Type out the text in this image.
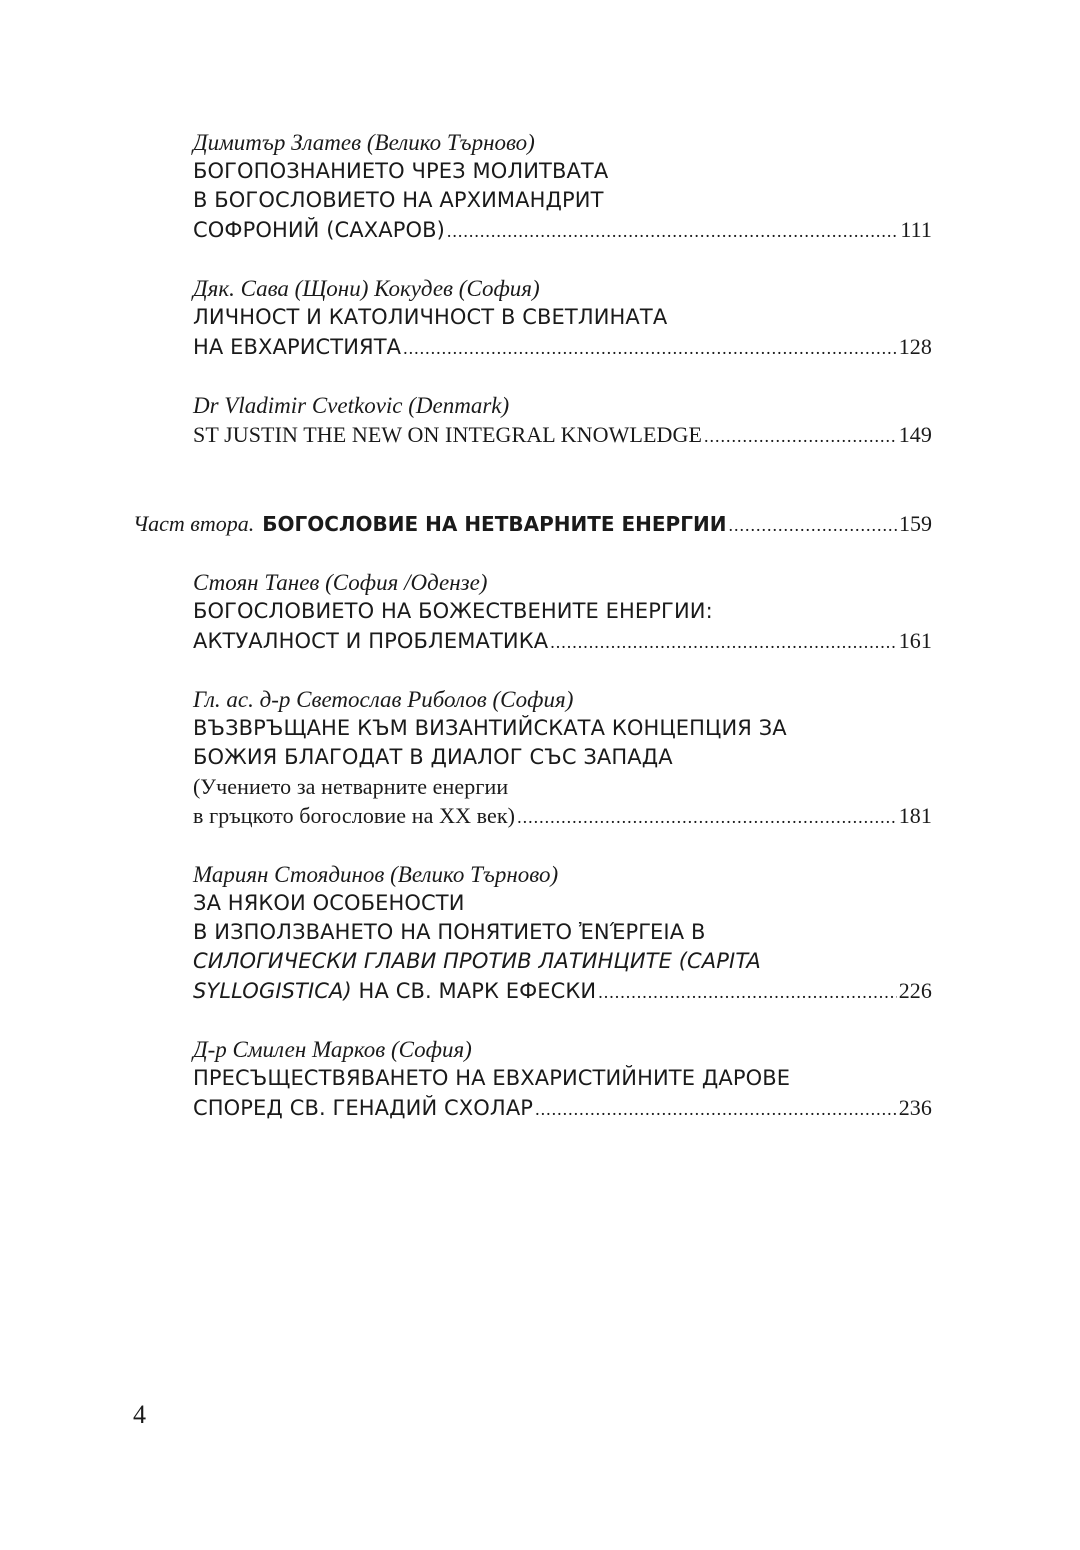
Димитър Златев (Велико Търново)
БОГОПОЗНАНИЕТО ЧРЕЗ МОЛИТВАТА
В БОГОСЛОВИЕТО НА АРХИМАНДРИТ
СОФРОНИЙ (САХАРОВ) .....	111
Дяк. Сава (Щони) Кокудев (София)
ЛИЧНОСТ И КАТОЛИЧНОСТ В СВЕТЛИНАТА
НА ЕВХАРИСТИЯТА .....	128
Dr Vladimir Cvetkovic (Denmark)
ST JUSTIN THE NEW ON INTEGRAL KNOWLEDGE .....	149
Част втора. БОГОСЛОВИЕ НА НЕТВАРНИТЕ ЕНЕРГИИ .....	159
Стоян Танев (София /Одензе)
БОГОСЛОВИЕТО НА БОЖЕСТВЕНИТЕ ЕНЕРГИИ:
АКТУАЛНОСТ И ПРОБЛЕМАТИКА .....	161
Гл. ас. д-р Светослав Риболов (София)
ВЪЗВРЪЩАНЕ КЪМ ВИЗАНТИЙСКАТА КОНЦЕПЦИЯ ЗА
БОЖИЯ БЛАГОДАТ В ДИАЛОГ СЪС ЗАПАДА
(Учението за нетварните енергии
в гръцкото богословие на XX век) .....	181
Мариян Стоядинов (Велико Търново)
ЗА НЯКОИ ОСОБЕНОСТИ
В ИЗПОЛЗВАНЕТО НА ПОНЯТИЕТО ἘΝΈΡΓΕΙΑ В
СИЛОГИЧЕСКИ ГЛАВИ ПРОТИВ ЛАТИНЦИТЕ (CAPITA
SYLLOGISTICA) НА СВ. МАРК ЕФЕСКИ .....	226
Д-р Смилен Марков (София)
ПРЕСЪЩЕСТВЯВАНЕТО НА ЕВХАРИСТИЙНИТЕ ДАРОВЕ
СПОРЕД СВ. ГЕНАДИЙ СХОЛАР .....	236
4
